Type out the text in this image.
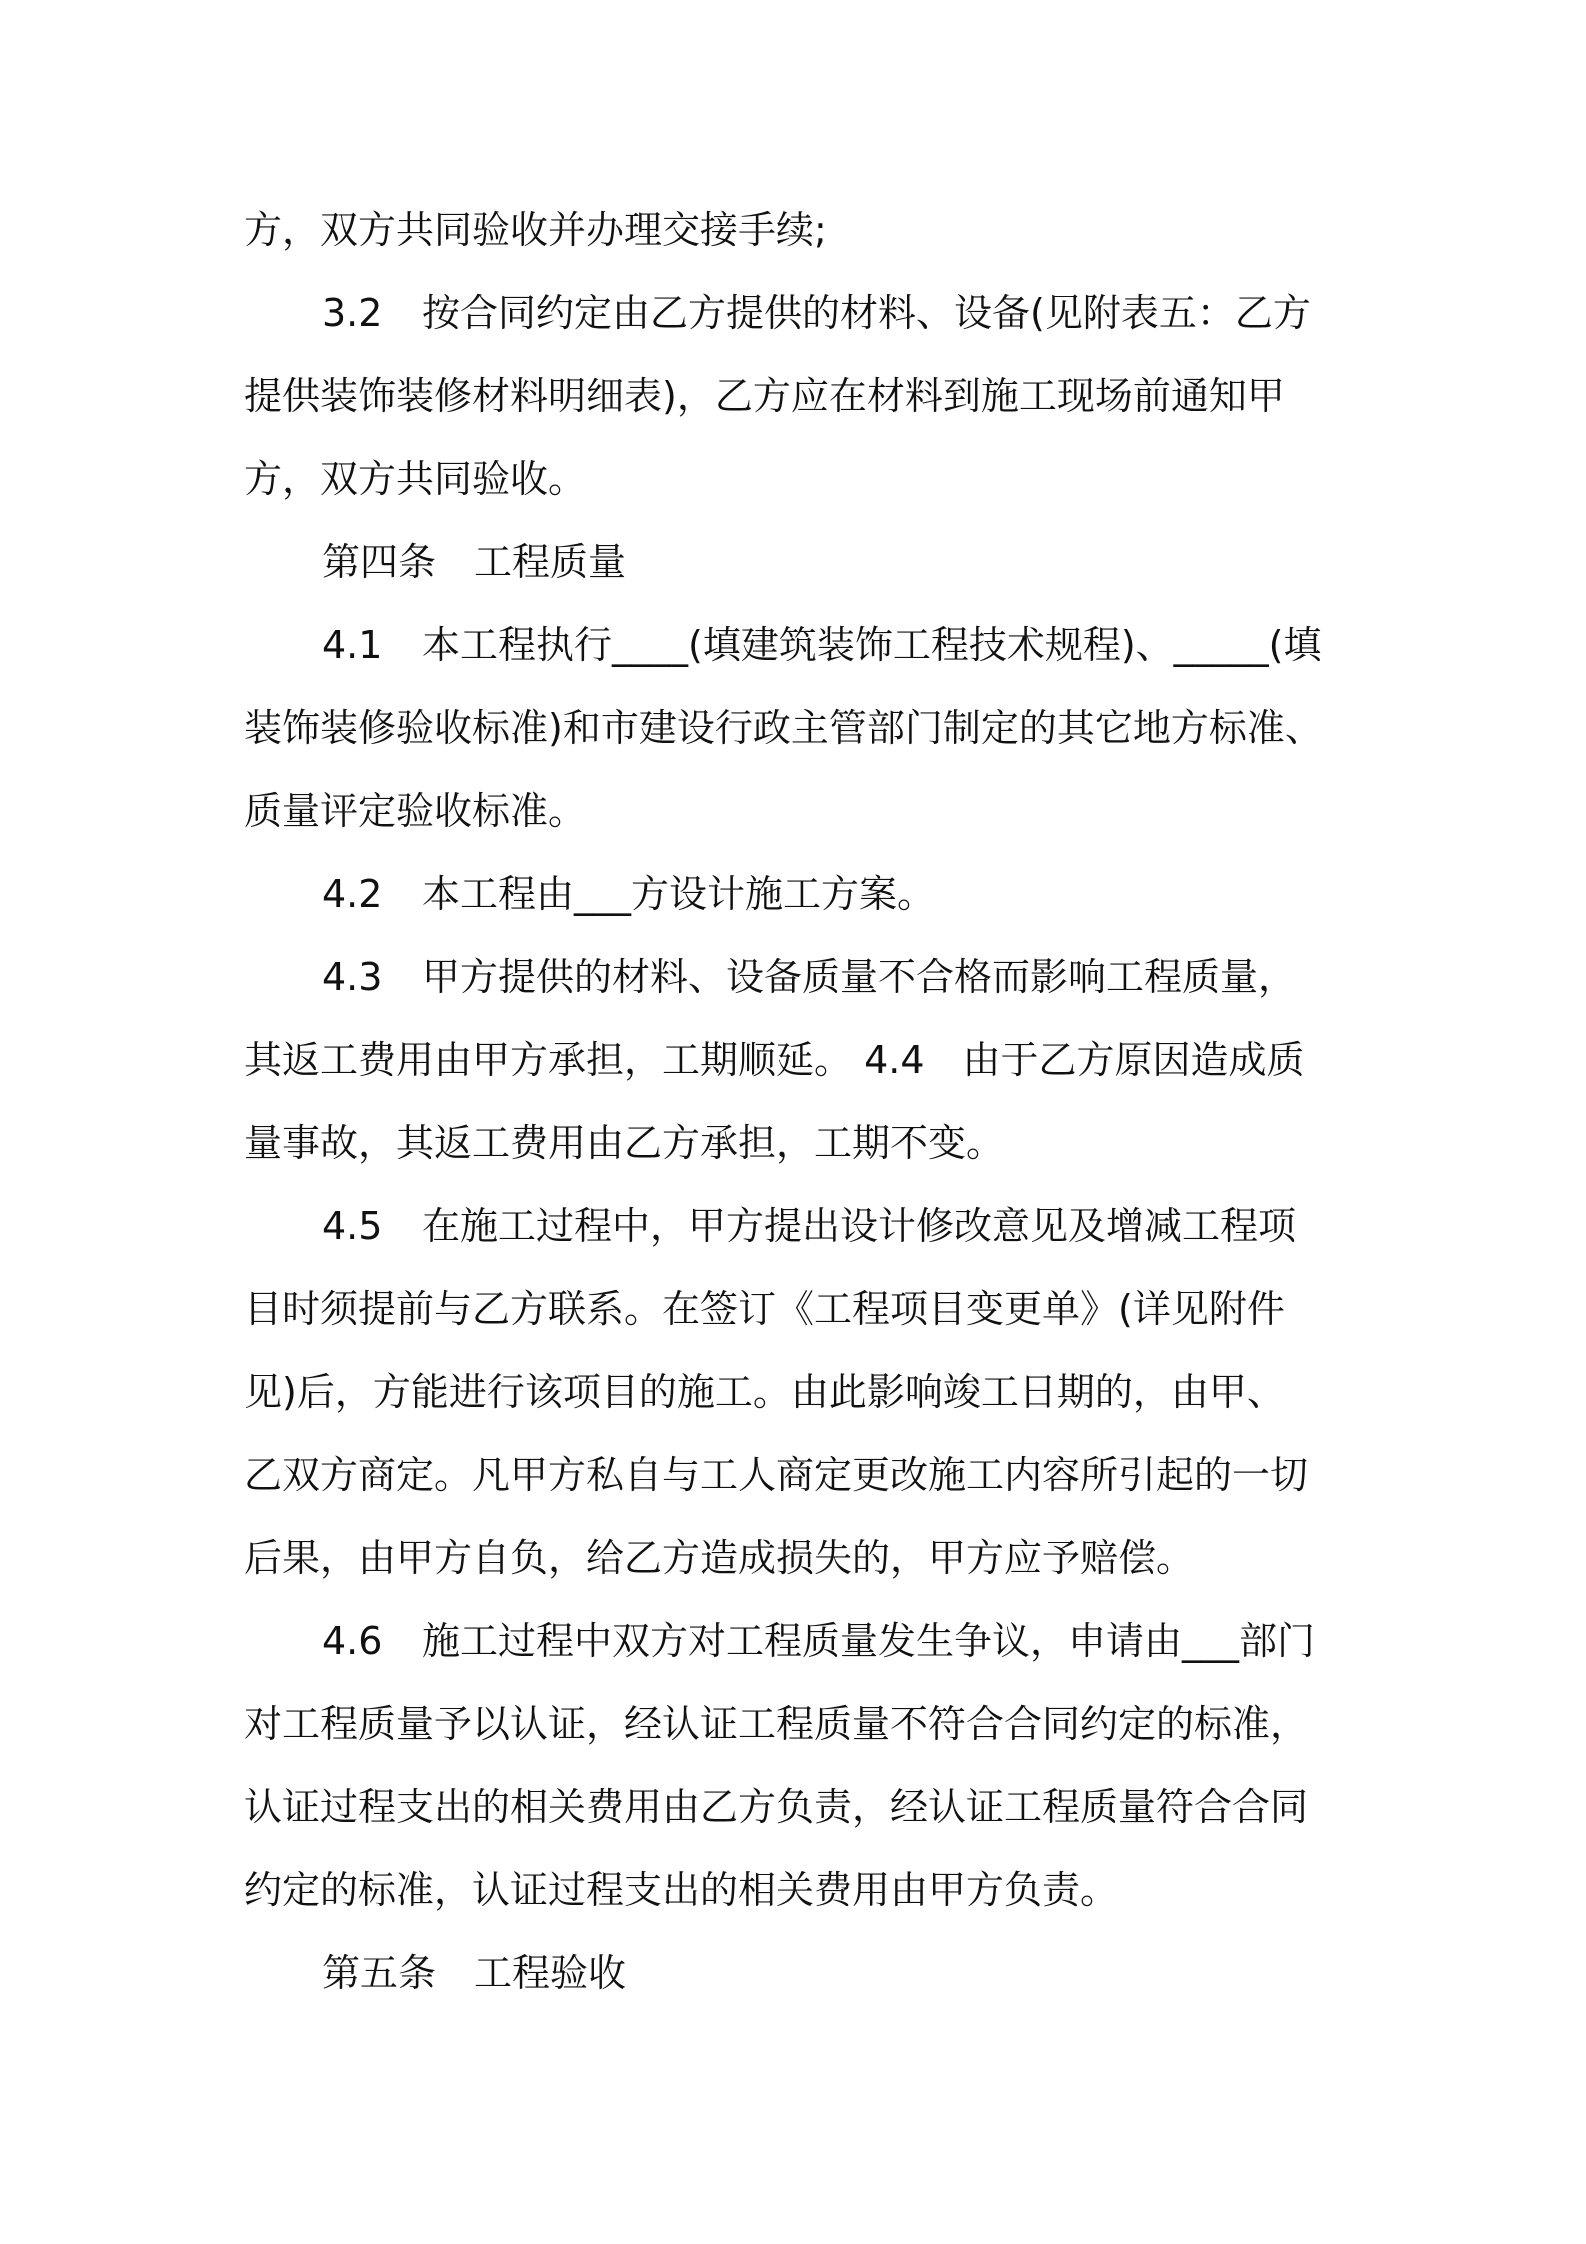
方，双方共同验收并办理交接手续;
3.2 按合同约定由乙方提供的材料、设备(见附表五：乙方
提供装饰装修材料明细表)，乙方应在材料到施工现场前通知甲
方，双方共同验收。
第四条 工程质量
4.1 本工程执行____(填建筑装饰工程技术规程)、_____(填
装饰装修验收标准)和市建设行政主管部门制定的其它地方标准、
质量评定验收标准。
4.2 本工程由___方设计施工方案。
4.3 甲方提供的材料、设备质量不合格而影响工程质量，
其返工费用由甲方承担，工期顺延。 4.4　由于乙方原因造成质
量事故，其返工费用由乙方承担，工期不变。
4.5 在施工过程中，甲方提出设计修改意见及增减工程项
目时须提前与乙方联系。在签订《工程项目变更单》(详见附件
见)后，方能进行该项目的施工。由此影响竣工日期的，由甲、
乙双方商定。凡甲方私自与工人商定更改施工内容所引起的一切
后果，由甲方自负，给乙方造成损失的，甲方应予赔偿。
4.6 施工过程中双方对工程质量发生争议，申请由___部门
对工程质量予以认证，经认证工程质量不符合合同约定的标准，
认证过程支出的相关费用由乙方负责，经认证工程质量符合合同
约定的标准，认证过程支出的相关费用由甲方负责。
第五条 工程验收
